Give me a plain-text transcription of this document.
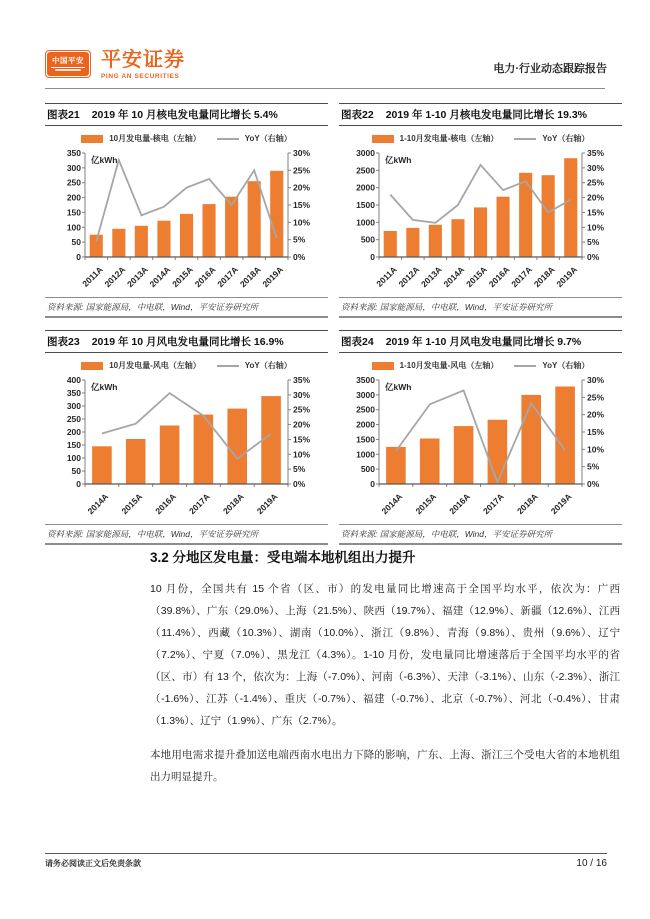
中国平安 平安证券
PING AN SECURITIES
电力·行业动态跟踪报告
图表21 2019 年 10 月核电发电量同比增长 5.4%
10月发电量-核电（左轴）	YoY（右轴）
0
50
100
150
200
250
300
350
0%
5%
10%
15%
20%
25%
30%
亿kWh
2011A
2012A
2013A
2014A
2015A
2016A
2017A
2018A
2019A
资料来源: 国家能源局，中电联，Wind，平安证券研究所
图表22 2019 年 1-10 月核电发电量同比增长 19.3%
1-10月发电量-核电（左轴）	YoY（右轴）
0
500
1000
1500
2000
2500
3000
0%
5%
10%
15%
20%
25%
30%
35%
亿kWh
2011A
2012A
2013A
2014A
2015A
2016A
2017A
2018A
2019A
资料来源: 国家能源局，中电联，Wind，平安证券研究所
图表23 2019 年 10 月风电发电量同比增长 16.9%
10月发电量-风电（左轴）	YoY（右轴）
0
50
100
150
200
250
300
350
400
0%
5%
10%
15%
20%
25%
30%
35%
亿kWh
2014A 2015A 2016A 2017A 2018A 2019A
资料来源: 国家能源局，中电联，Wind，平安证券研究所
图表24 2019 年 1-10 月风电发电量同比增长 9.7%
1-10月发电量-风电（左轴）	YoY（右轴）
0
500
1000
1500
2000
2500
3000
3500
0%
5%
10%
15%
20%
25%
30%
亿kWh
2014A 2015A 2016A 2017A 2018A 2019A
资料来源: 国家能源局，中电联，Wind，平安证券研究所
3.2 分地区发电量：受电端本地机组出力提升

10 月份，全国共有 15 个省（区、市）的发电量同比增速高于全国平均水平，依次为：广西（39.8%）、广东（29.0%）、上海（21.5%）、陕西（19.7%）、福建（12.9%）、新疆（12.6%）、江西（11.4%）、西藏（10.3%）、湖南（10.0%）、浙江（9.8%）、青海（9.8%）、贵州（9.6%）、辽宁（7.2%）、宁夏（7.0%）、黑龙江（4.3%）。1-10 月份，发电量同比增速落后于全国平均水平的省（区、市）有 13 个，依次为：上海（-7.0%）、河南（-6.3%）、天津（-3.1%）、山东（-2.3%）、浙江（-1.6%）、江苏（-1.4%）、重庆（-0.7%）、福建（-0.7%）、北京（-0.7%）、河北（-0.4%）、甘肃（1.3%）、辽宁（1.9%）、广东（2.7%）。

本地用电需求提升叠加送电端西南水电出力下降的影响，广东、上海、浙江三个受电大省的本地机组出力明显提升。

请务必阅读正文后免责条款	10 / 16
